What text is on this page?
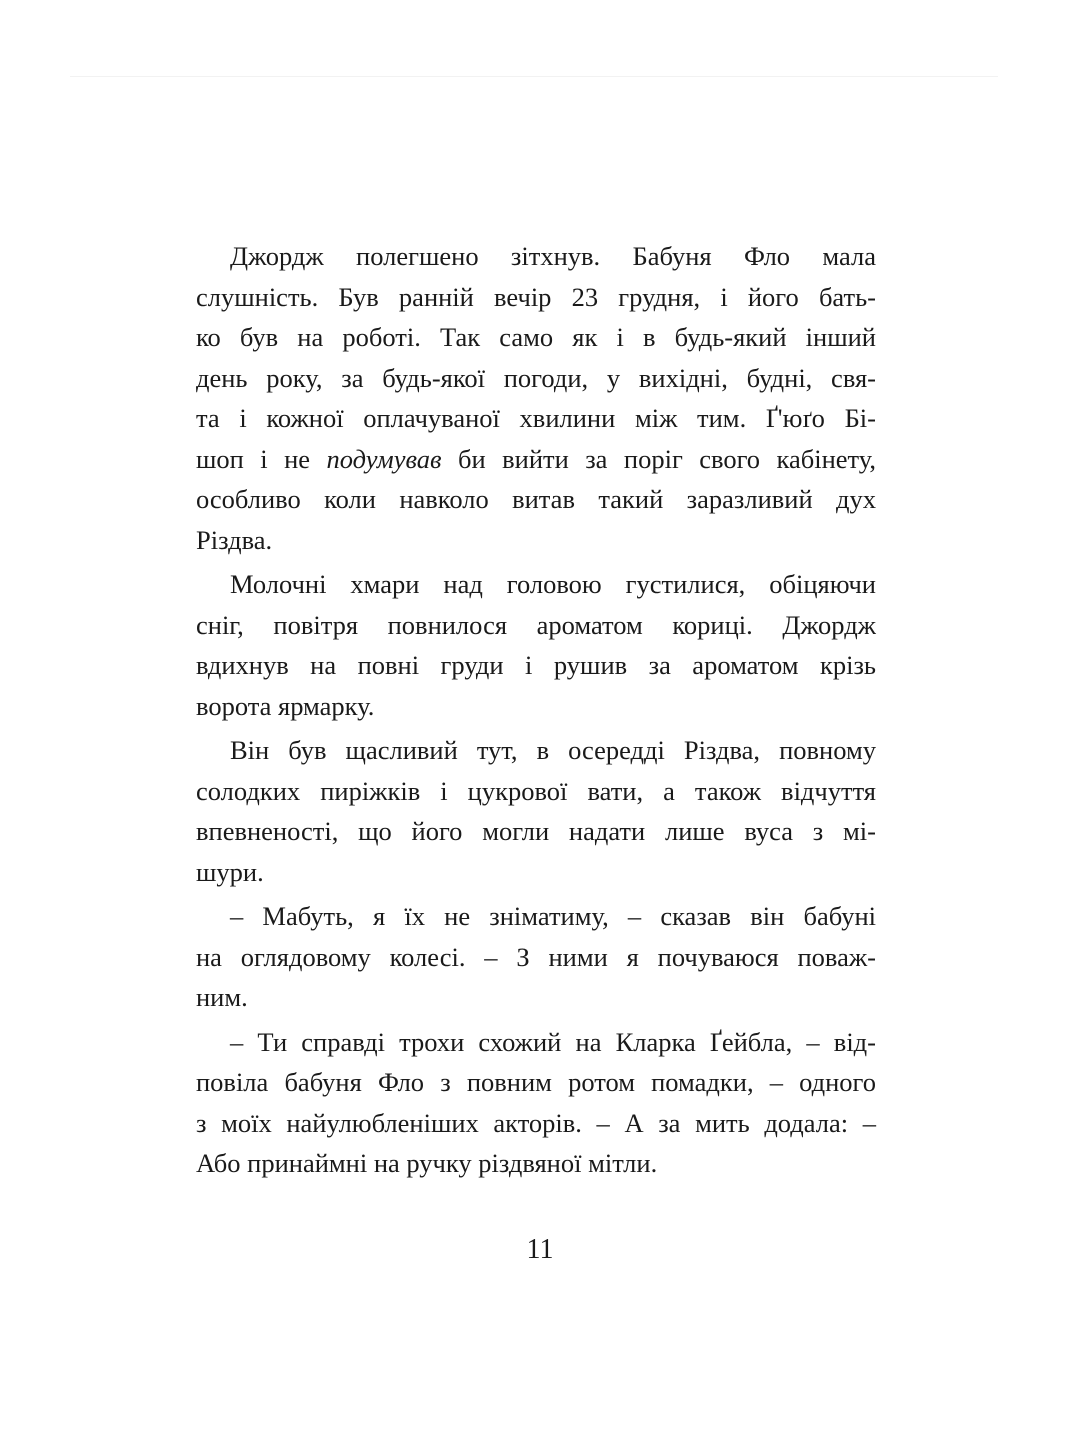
Джордж полегшено зітхнув. Бабуня Фло мала
слушність. Був ранній вечір 23 грудня, і його бать-
ко був на роботі. Так само як і в будь-який інший
день року, за будь-якої погоди, у вихідні, будні, свя-
та і кожної оплачуваної хвилини між тим. Ґ'юґо Бі-
шоп і не подумував би вийти за поріг свого кабінету,
особливо коли навколо витав такий заразливий дух
Різдва.
Молочні хмари над головою густилися, обіцяючи
сніг, повітря повнилося ароматом кориці. Джордж
вдихнув на повні груди і рушив за ароматом крізь
ворота ярмарку.
Він був щасливий тут, в осередді Різдва, повному
солодких пиріжків і цукрової вати, а також відчуття
впевненості, що його могли надати лише вуса з мі-
шури.
– Мабуть, я їх не зніматиму, – сказав він бабуні
на оглядовому колесі. – З ними я почуваюся поваж-
ним.
– Ти справді трохи схожий на Кларка Ґейбла, – від-
повіла бабуня Фло з повним ротом помадки, – одного
з моїх найулюбленіших акторів. – А за мить додала: –
Або принаймні на ручку різдвяної мітли.
11
